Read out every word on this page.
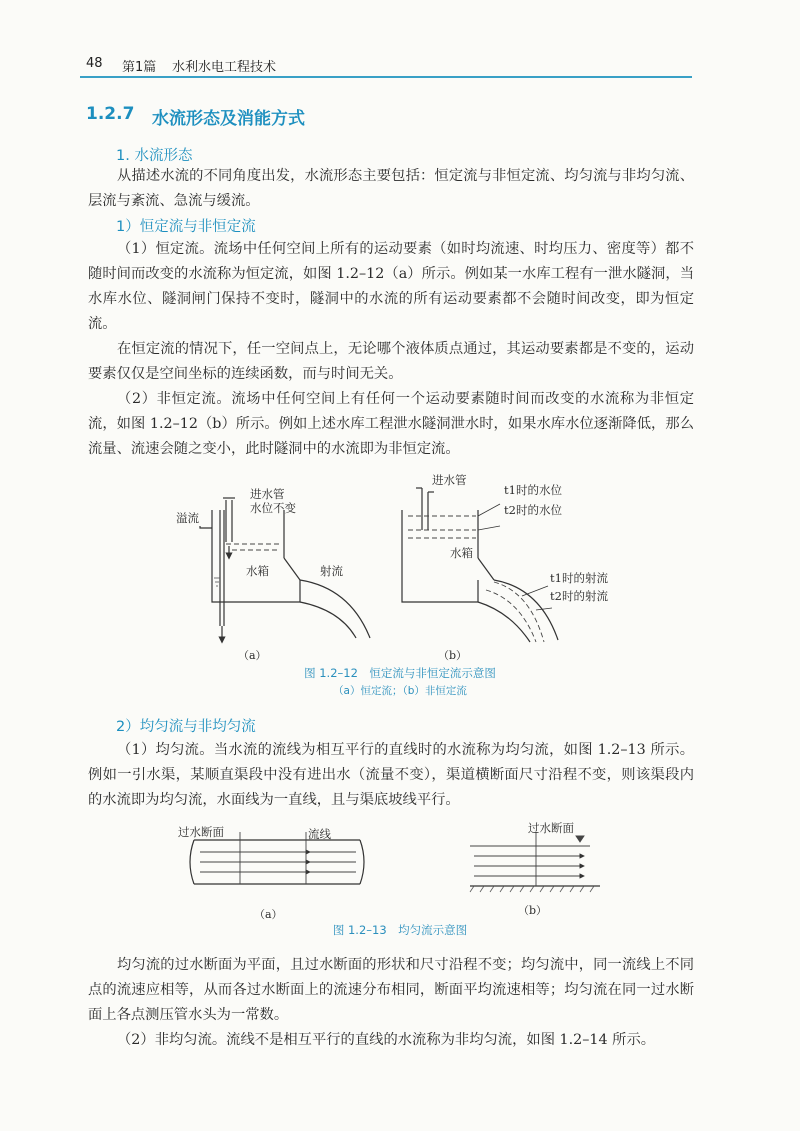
48 第1篇 水利水电工程技术
1.2.7 水流形态及消能方式
1. 水流形态

从描述水流的不同角度出发，水流形态主要包括：恒定流与非恒定流、均匀流与非均匀流、层流与紊流、急流与缓流。

1）恒定流与非恒定流

（1）恒定流。流场中任何空间上所有的运动要素（如时均流速、时均压力、密度等）都不随时间而改变的水流称为恒定流，如图 1.2–12（a）所示。例如某一水库工程有一泄水隧洞，当水库水位、隧洞闸门保持不变时，隧洞中的水流的所有运动要素都不会随时间改变，即为恒定流。

在恒定流的情况下，任一空间点上，无论哪个液体质点通过，其运动要素都是不变的，运动要素仅仅是空间坐标的连续函数，而与时间无关。

（2）非恒定流。流场中任何空间上有任何一个运动要素随时间而改变的水流称为非恒定流，如图 1.2–12（b）所示。例如上述水库工程泄水隧洞泄水时，如果水库水位逐渐降低，那么流量、流速会随之变小，此时隧洞中的水流即为非恒定流。

进水管
水位不变
溢流
水箱	射流
（a）
进水管
t1时的水位
t2时的水位
水箱
t1时的射流
t2时的射流
（b）
图 1.2–12　恒定流与非恒定流示意图
（a）恒定流；（b）非恒定流
2）均匀流与非均匀流

（1）均匀流。当水流的流线为相互平行的直线时的水流称为均匀流，如图 1.2–13 所示。例如一引水渠，某顺直渠段中没有进出水（流量不变），渠道横断面尺寸沿程不变，则该渠段内的水流即为均匀流，水面线为一直线，且与渠底坡线平行。

过水断面	流线
（a）
过水断面
（b）
图 1.2–13　均匀流示意图

均匀流的过水断面为平面，且过水断面的形状和尺寸沿程不变；均匀流中，同一流线上不同点的流速应相等，从而各过水断面上的流速分布相同，断面平均流速相等；均匀流在同一过水断面上各点测压管水头为一常数。

（2）非均匀流。流线不是相互平行的直线的水流称为非均匀流，如图 1.2–14 所示。
